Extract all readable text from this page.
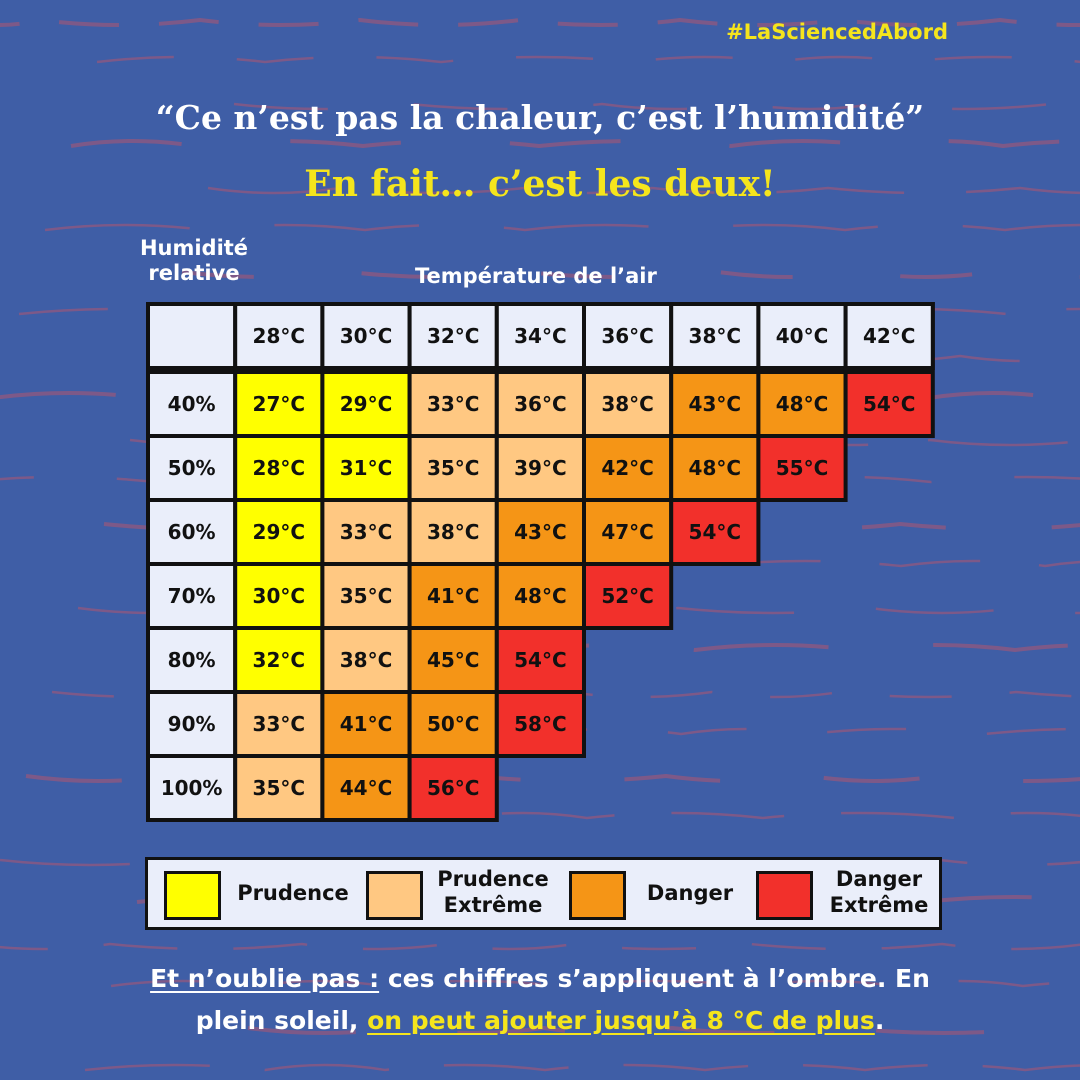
#LaSciencedAbord
“Ce n’est pas la chaleur, c’est l’humidité”
En fait… c’est les deux!
Humidité
relative	Température de l’air
28°C 30°C 32°C 34°C 36°C 38°C 40°C 42°C
40% 27°C 29°C 33°C 36°C 38°C 43°C 48°C 54°C
50% 28°C 31°C 35°C 39°C 42°C 48°C 55°C
60% 29°C 33°C 38°C 43°C 47°C 54°C
70% 30°C 35°C 41°C 48°C 52°C
80% 32°C 38°C 45°C 54°C
90% 33°C 41°C 50°C 58°C
100% 35°C 44°C 56°C
Prudence
Prudence
Extrême	Danger
Danger
Extrême
Et n’oublie pas : ces chiffres s’appliquent à l’ombre. En
plein soleil, on peut ajouter jusqu’à 8 °C de plus.
